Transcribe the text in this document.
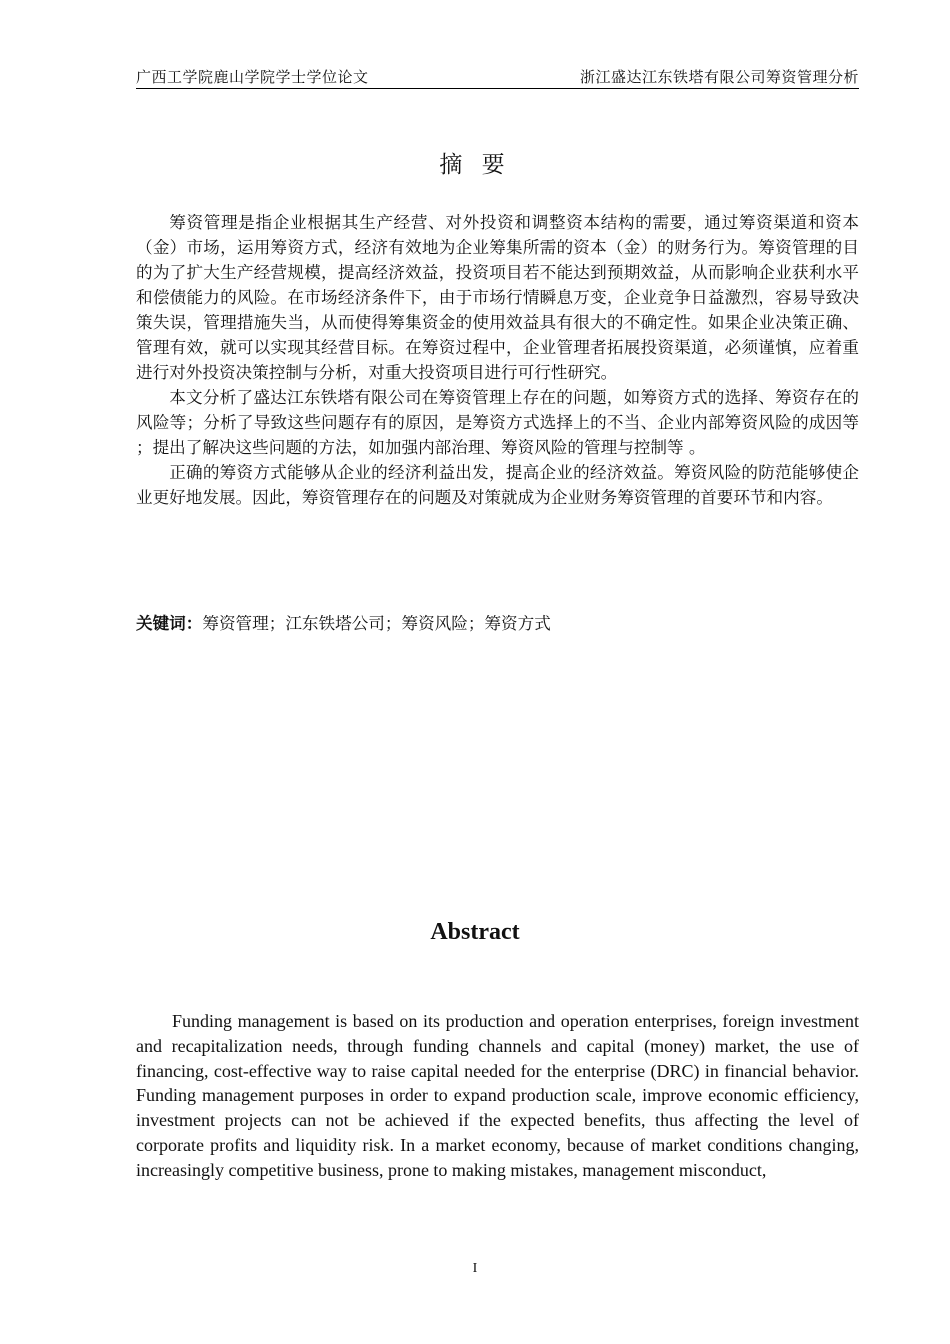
广西工学院鹿山学院学士学位论文	浙江盛达江东铁塔有限公司筹资管理分析
摘 要

筹资管理是指企业根据其生产经营、对外投资和调整资本结构的需要，通过筹资渠道和资本（金）市场，运用筹资方式，经济有效地为企业筹集所需的资本（金）的财务行为。筹资管理的目的为了扩大生产经营规模，提高经济效益，投资项目若不能达到预期效益，从而影响企业获利水平和偿债能力的风险。在市场经济条件下，由于市场行情瞬息万变，企业竞争日益激烈，容易导致决策失误，管理措施失当，从而使得筹集资金的使用效益具有很大的不确定性。如果企业决策正确、管理有效，就可以实现其经营目标。在筹资过程中，企业管理者拓展投资渠道，必须谨慎，应着重进行对外投资决策控制与分析，对重大投资项目进行可行性研究。

本文分析了盛达江东铁塔有限公司在筹资管理上存在的问题，如筹资方式的选择、筹资存在的风险等；分析了导致这些问题存有的原因，是筹资方式选择上的不当、企业内部筹资风险的成因等 ；提出了解决这些问题的方法，如加强内部治理、筹资风险的管理与控制等 。

正确的筹资方式能够从企业的经济利益出发，提高企业的经济效益。筹资风险的防范能够使企业更好地发展。因此，筹资管理存在的问题及对策就成为企业财务筹资管理的首要环节和内容。

关键词：筹资管理；江东铁塔公司；筹资风险；筹资方式
Abstract

Funding management is based on its production and operation enterprises, foreign investment and recapitalization needs, through funding channels and capital (money) market, the use of financing, cost-effective way to raise capital needed for the enterprise (DRC) in financial behavior. Funding management purposes in order to expand production scale, improve economic efficiency, investment projects can not be achieved if the expected benefits, thus affecting the level of corporate profits and liquidity risk. In a market economy, because of market conditions changing, increasingly competitive business, prone to making mistakes, management misconduct,

I
